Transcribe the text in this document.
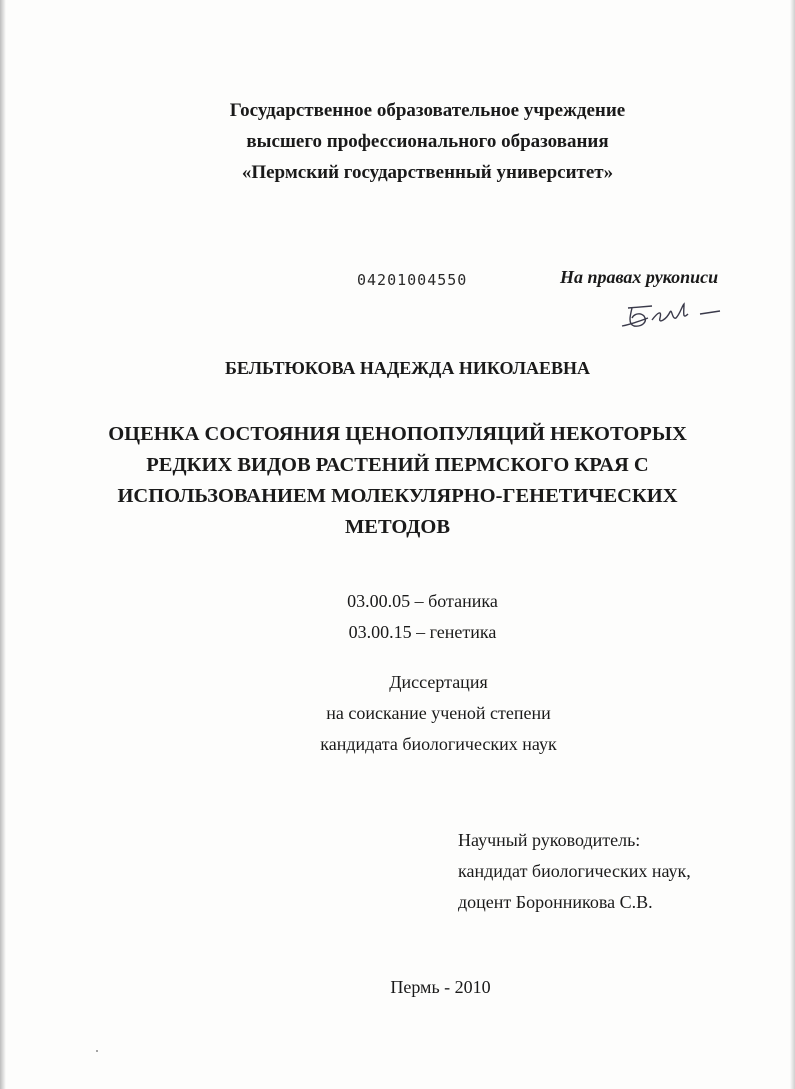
Государственное образовательное учреждение
высшего профессионального образования
«Пермский государственный университет»
04201004550	На правах рукописи
БЕЛЬТЮКОВА НАДЕЖДА НИКОЛАЕВНА
ОЦЕНКА СОСТОЯНИЯ ЦЕНОПОПУЛЯЦИЙ НЕКОТОРЫХ
РЕДКИХ ВИДОВ РАСТЕНИЙ ПЕРМСКОГО КРАЯ С
ИСПОЛЬЗОВАНИЕМ МОЛЕКУЛЯРНО-ГЕНЕТИЧЕСКИХ
МЕТОДОВ
03.00.05 – ботаника
03.00.15 – генетика
Диссертация
на соискание ученой степени
кандидата биологических наук
Научный руководитель:
кандидат биологических наук,
доцент Боронникова С.В.
Пермь - 2010
